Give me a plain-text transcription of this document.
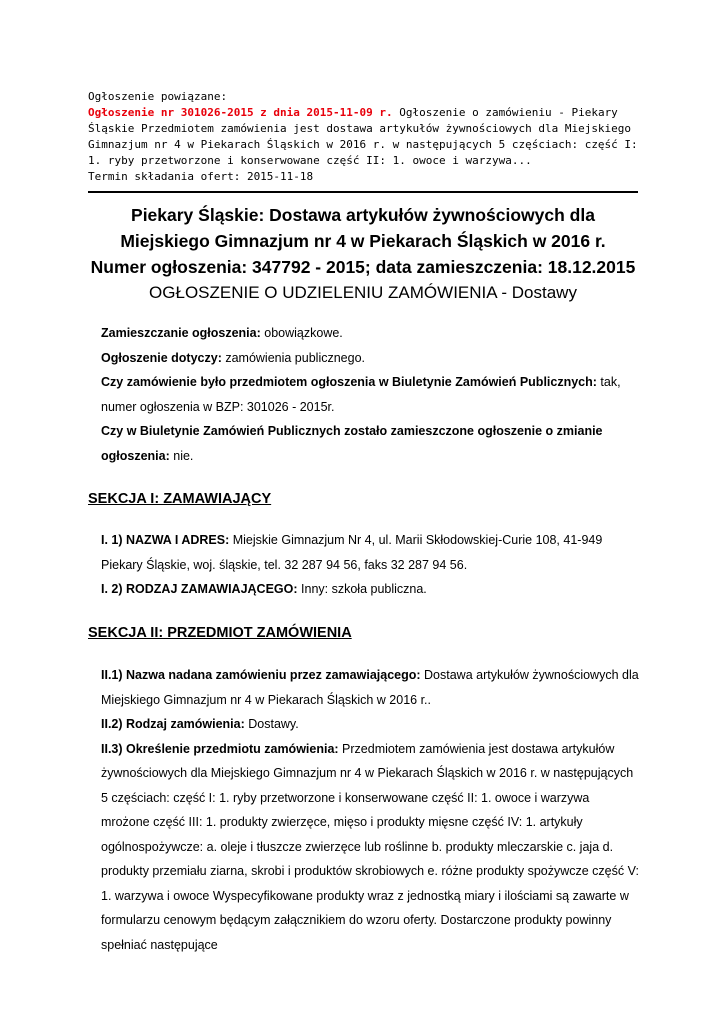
Ogłoszenie powiązane:
Ogłoszenie nr 301026-2015 z dnia 2015-11-09 r. Ogłoszenie o zamówieniu - Piekary Śląskie Przedmiotem zamówienia jest dostawa artykułów żywnościowych dla Miejskiego Gimnazjum nr 4 w Piekarach Śląskich w 2016 r. w następujących 5 częściach: część I: 1. ryby przetworzone i konserwowane część II: 1. owoce i warzywa...
Termin składania ofert: 2015-11-18
Piekary Śląskie: Dostawa artykułów żywnościowych dla
Miejskiego Gimnazjum nr 4 w Piekarach Śląskich w 2016 r.
Numer ogłoszenia: 347792 - 2015; data zamieszczenia: 18.12.2015
OGŁOSZENIE O UDZIELENIU ZAMÓWIENIA - Dostawy

Zamieszczanie ogłoszenia: obowiązkowe.

Ogłoszenie dotyczy: zamówienia publicznego.

Czy zamówienie było przedmiotem ogłoszenia w Biuletynie Zamówień Publicznych: tak, numer ogłoszenia w BZP: 301026 - 2015r.

Czy w Biuletynie Zamówień Publicznych zostało zamieszczone ogłoszenie o zmianie ogłoszenia: nie.

SEKCJA I: ZAMAWIAJĄCY

I. 1) NAZWA I ADRES: Miejskie Gimnazjum Nr 4, ul. Marii Skłodowskiej-Curie 108, 41-949 Piekary Śląskie, woj. śląskie, tel. 32 287 94 56, faks 32 287 94 56.

I. 2) RODZAJ ZAMAWIAJĄCEGO: Inny: szkoła publiczna.

SEKCJA II: PRZEDMIOT ZAMÓWIENIA

II.1) Nazwa nadana zamówieniu przez zamawiającego: Dostawa artykułów żywnościowych dla Miejskiego Gimnazjum nr 4 w Piekarach Śląskich w 2016 r..

II.2) Rodzaj zamówienia: Dostawy.

II.3) Określenie przedmiotu zamówienia: Przedmiotem zamówienia jest dostawa artykułów żywnościowych dla Miejskiego Gimnazjum nr 4 w Piekarach Śląskich w 2016 r. w następujących 5 częściach: część I: 1. ryby przetworzone i konserwowane część II: 1. owoce i warzywa mrożone część III: 1. produkty zwierzęce, mięso i produkty mięsne część IV: 1. artykuły ogólnospożywcze: a. oleje i tłuszcze zwierzęce lub roślinne b. produkty mleczarskie c. jaja d. produkty przemiału ziarna, skrobi i produktów skrobiowych e. różne produkty spożywcze część V: 1. warzywa i owoce Wyspecyfikowane produkty wraz z jednostką miary i ilościami są zawarte w formularzu cenowym będącym załącznikiem do wzoru oferty. Dostarczone produkty powinny spełniać następujące
